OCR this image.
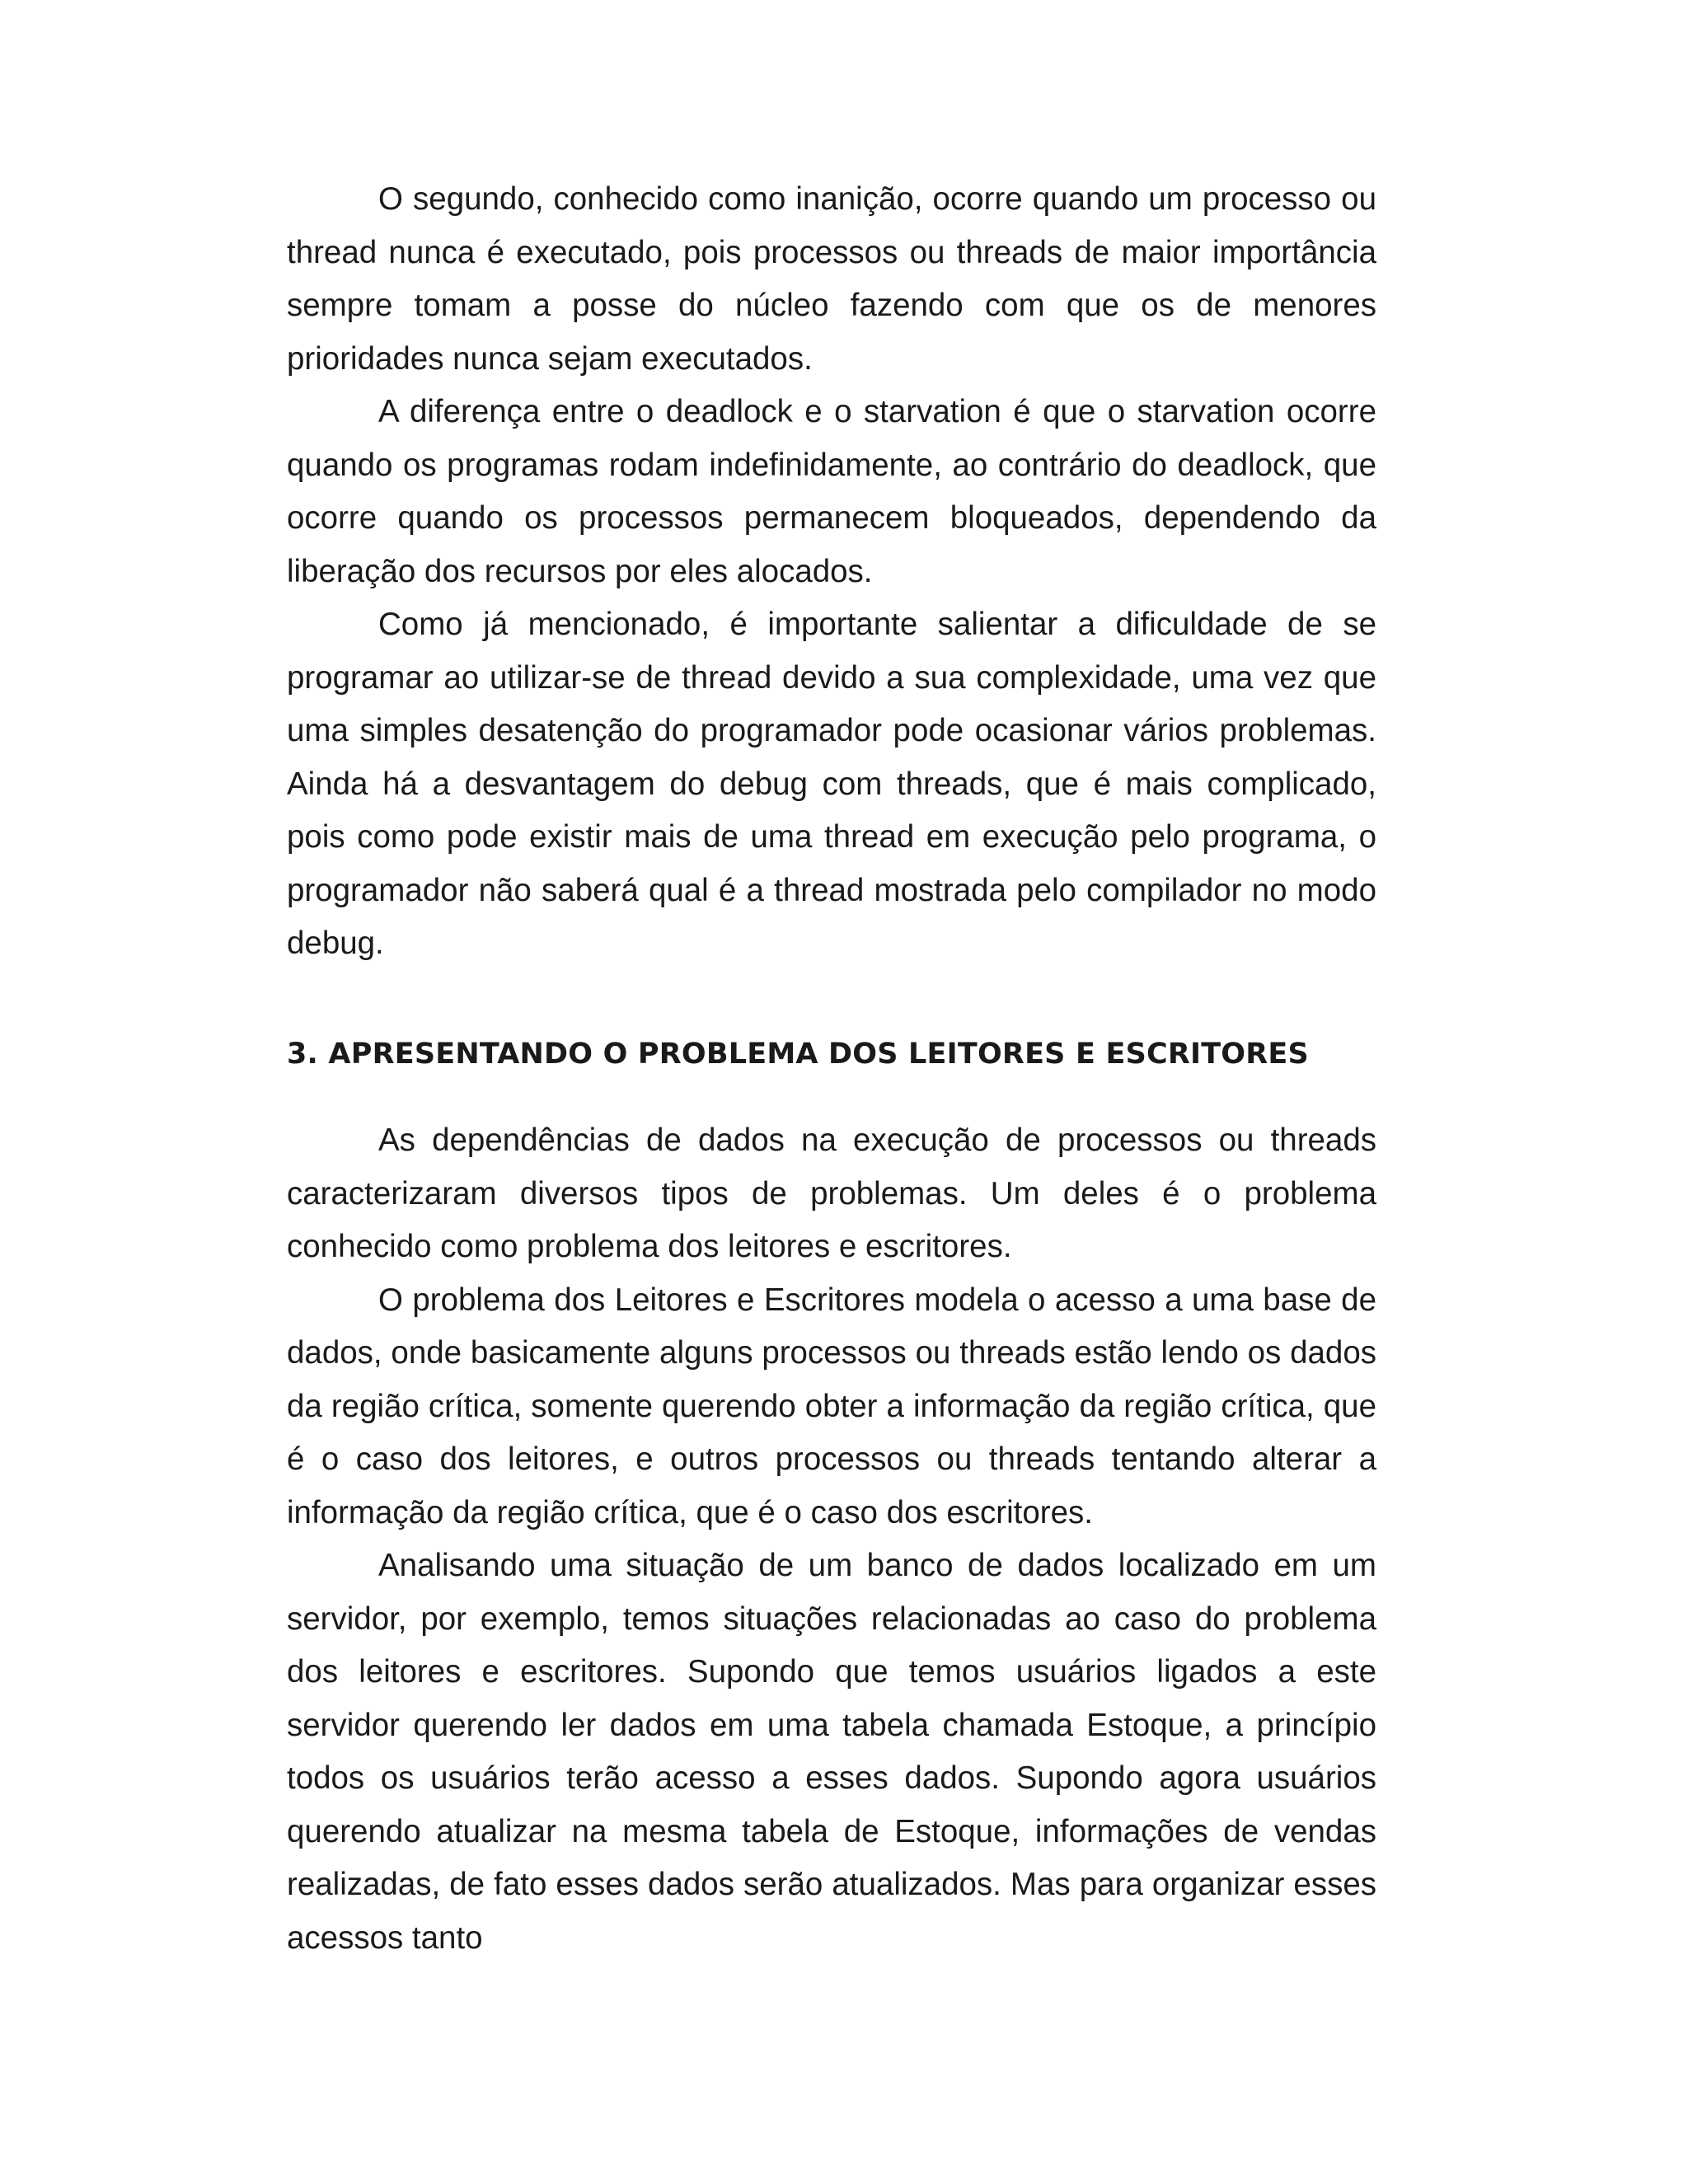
O segundo, conhecido como inanição, ocorre quando um processo ou thread nunca é executado, pois processos ou threads de maior importância sempre tomam a posse do núcleo fazendo com que os de menores prioridades nunca sejam executados.

A diferença entre o deadlock e o starvation é que o starvation ocorre quando os programas rodam indefinidamente, ao contrário do deadlock, que ocorre quando os processos permanecem bloqueados, dependendo da liberação dos recursos por eles alocados.

Como já mencionado, é importante salientar a dificuldade de se programar ao utilizar-se de thread devido a sua complexidade, uma vez que uma simples desatenção do programador pode ocasionar vários problemas. Ainda há a desvantagem do debug com threads, que é mais complicado, pois como pode existir mais de uma thread em execução pelo programa, o programador não saberá qual é a thread mostrada pelo compilador no modo debug.

3. APRESENTANDO O PROBLEMA DOS LEITORES E ESCRITORES

As dependências de dados na execução de processos ou threads caracterizaram diversos tipos de problemas. Um deles é o problema conhecido como problema dos leitores e escritores.

O problema dos Leitores e Escritores modela o acesso a uma base de dados, onde basicamente alguns processos ou threads estão lendo os dados da região crítica, somente querendo obter a informação da região crítica, que é o caso dos leitores, e outros processos ou threads tentando alterar a informação da região crítica, que é o caso dos escritores.

Analisando uma situação de um banco de dados localizado em um servidor, por exemplo, temos situações relacionadas ao caso do problema dos leitores e escritores. Supondo que temos usuários ligados a este servidor querendo ler dados em uma tabela chamada Estoque, a princípio todos os usuários terão acesso a esses dados. Supondo agora usuários querendo atualizar na mesma tabela de Estoque, informações de vendas realizadas, de fato esses dados serão atualizados. Mas para organizar esses acessos tanto
